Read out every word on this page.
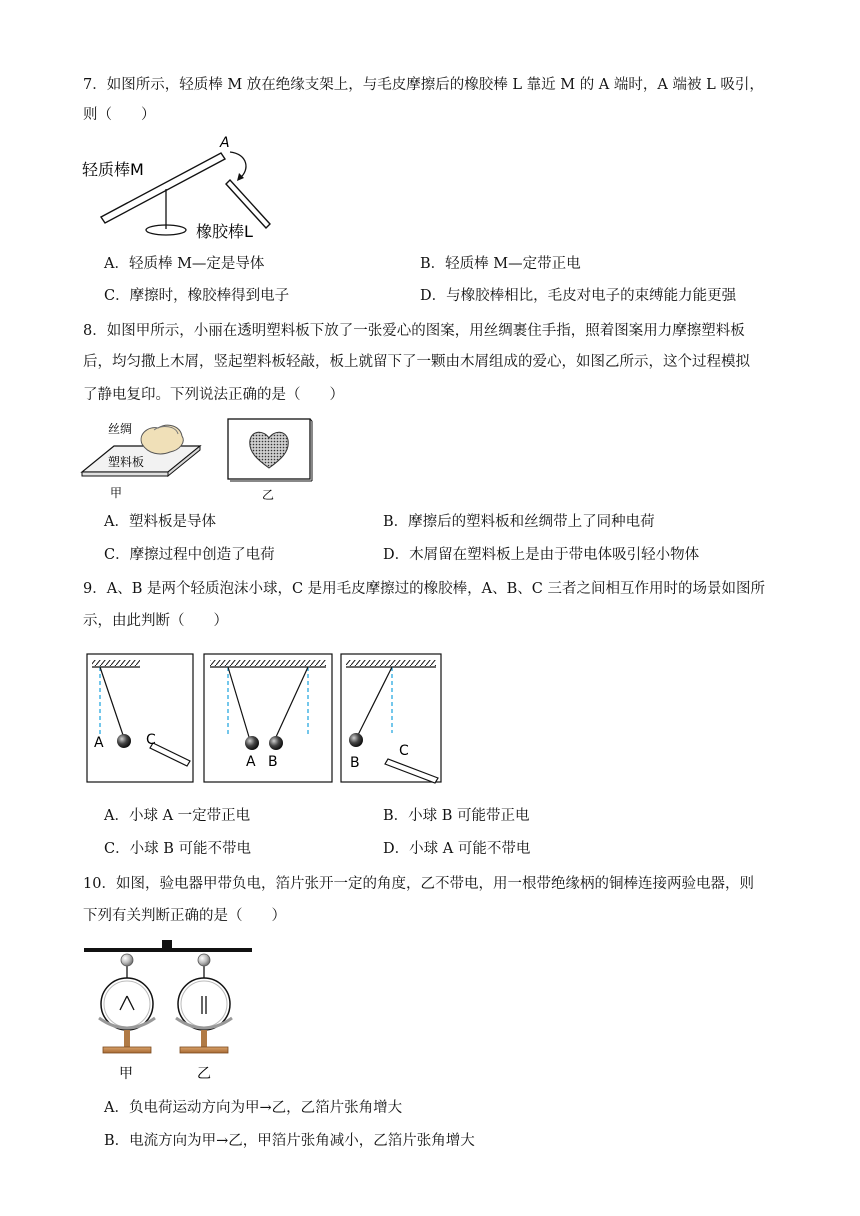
7．如图所示，轻质棒 M 放在绝缘支架上，与毛皮摩擦后的橡胶棒 L 靠近 M 的 A 端时，A 端被 L 吸引，
则（　　）
A
轻质棒M
橡胶棒L
A．轻质棒 M—定是导体	B．轻质棒 M—定带正电
C．摩擦时，橡胶棒得到电子	D．与橡胶棒相比，毛皮对电子的束缚能力能更强
8．如图甲所示，小丽在透明塑料板下放了一张爱心的图案，用丝绸裹住手指，照着图案用力摩擦塑料板
后，均匀撒上木屑，竖起塑料板轻敲，板上就留下了一颗由木屑组成的爱心，如图乙所示，这个过程模拟
了静电复印。下列说法正确的是（　　）
丝绸
塑料板
甲	乙
A．塑料板是导体	B．摩擦后的塑料板和丝绸带上了同种电荷
C．摩擦过程中创造了电荷	D．木屑留在塑料板上是由于带电体吸引轻小物体
9．A、B 是两个轻质泡沫小球，C 是用毛皮摩擦过的橡胶棒，A、B、C 三者之间相互作用时的场景如图所
示，由此判断（　　）
A	C
A B	B
C
A．小球 A 一定带正电	B．小球 B 可能带正电
C．小球 B 可能不带电	D．小球 A 可能不带电
10．如图，验电器甲带负电，箔片张开一定的角度，乙不带电，用一根带绝缘柄的铜棒连接两验电器，则
下列有关判断正确的是（　　）
甲	乙
A．负电荷运动方向为甲→乙，乙箔片张角增大
B．电流方向为甲→乙，甲箔片张角减小，乙箔片张角增大
